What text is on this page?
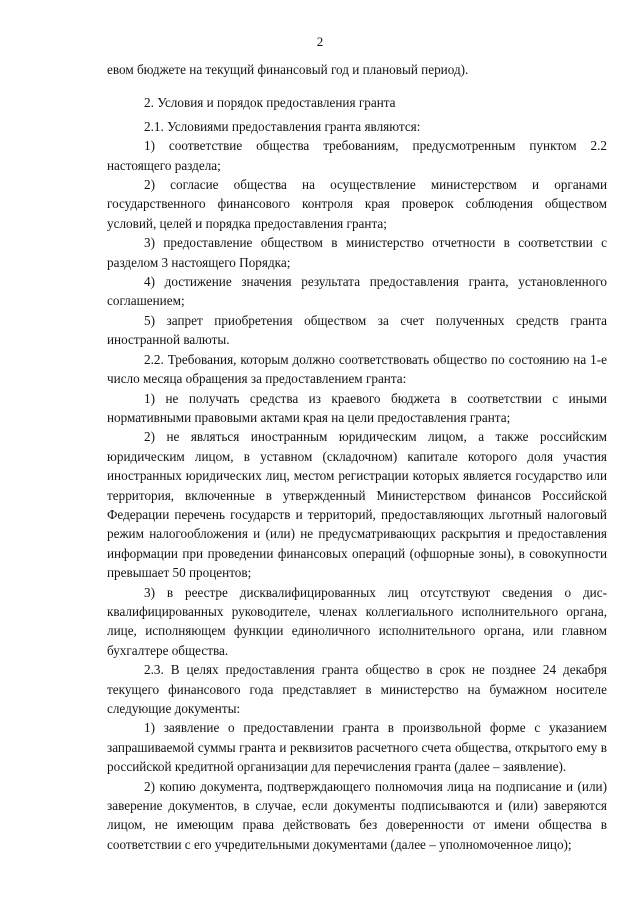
2

евом бюджете на текущий финансовый год и плановый период).

2. Условия и порядок предоставления гранта

2.1. Условиями предоставления гранта являются:

1) соответствие общества требованиям, предусмотренным пунктом 2.2 настоящего раздела;

2) согласие общества на осуществление министерством и органами государственного финансового контроля края проверок соблюдения обществом условий, целей и порядка предоставления гранта;

3) предоставление обществом в министерство отчетности в соответствии с разделом 3 настоящего Порядка;

4) достижение значения результата предоставления гранта, установленного соглашением;

5) запрет приобретения обществом за счет полученных средств гранта иностранной валюты.

2.2. Требования, которым должно соответствовать общество по состоянию на 1-е число месяца обращения за предоставлением гранта:

1) не получать средства из краевого бюджета в соответствии с иными нормативными правовыми актами края на цели предоставления гранта;

2) не являться иностранным юридическим лицом, а также российским юридическим лицом, в уставном (складочном) капитале которого доля участия иностранных юридических лиц, местом регистрации которых является государство или территория, включенные в утвержденный Министерством финансов Российской Федерации перечень государств и территорий, предоставляющих льготный налоговый режим налогообложения и (или) не предусматривающих раскрытия и предоставления информации при проведении финансовых операций (офшорные зоны), в совокупности превышает 50 процентов;

3) в реестре дисквалифицированных лиц отсутствуют сведения о дисквалифицированных руководителе, членах коллегиального исполнительного органа, лице, исполняющем функции единоличного исполнительного органа, или главном бухгалтере общества.

2.3. В целях предоставления гранта общество в срок не позднее 24 декабря текущего финансового года представляет в министерство на бумажном носителе следующие документы:

1) заявление о предоставлении гранта в произвольной форме с указанием запрашиваемой суммы гранта и реквизитов расчетного счета общества, открытого ему в российской кредитной организации для перечисления гранта (далее – заявление).

2) копию документа, подтверждающего полномочия лица на подписание и (или) заверение документов, в случае, если документы подписываются и (или) заверяются лицом, не имеющим права действовать без доверенности от имени общества в соответствии с его учредительными документами (далее – уполномоченное лицо);
